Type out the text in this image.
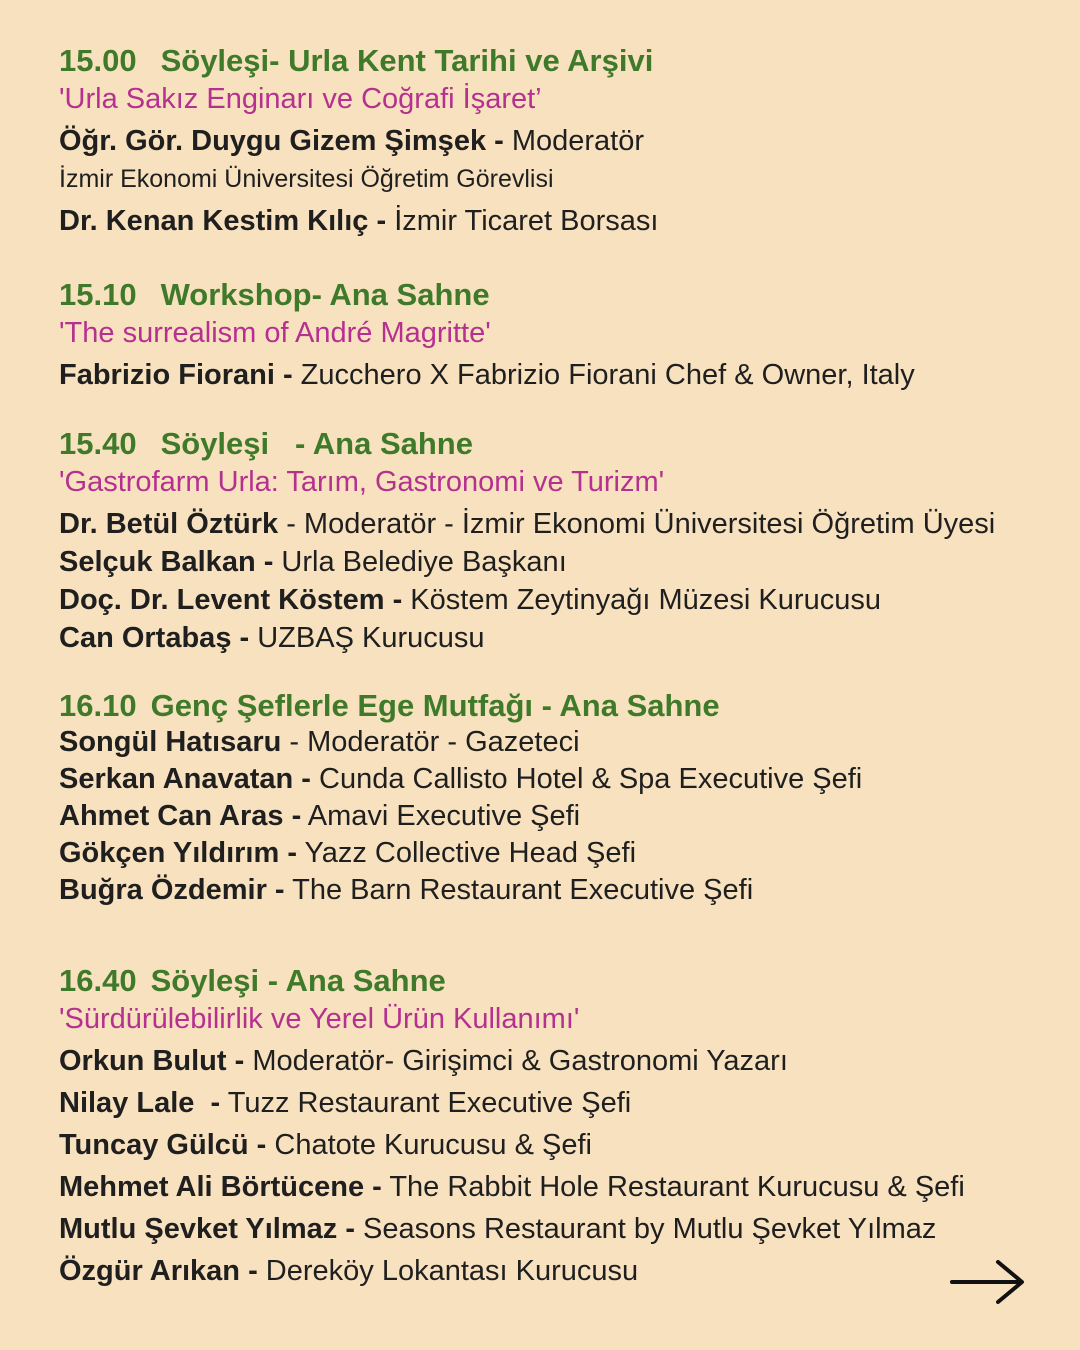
15.00 Söyleşi- Urla Kent Tarihi ve Arşivi
'Urla Sakız Enginarı ve Coğrafi İşaret’
Öğr. Gör. Duygu Gizem Şimşek - Moderatör
İzmir Ekonomi Üniversitesi Öğretim Görevlisi
Dr. Kenan Kestim Kılıç - İzmir Ticaret Borsası
15.10 Workshop- Ana Sahne
'The surrealism of André Magritte'
Fabrizio Fiorani - Zucchero X Fabrizio Fiorani Chef & Owner, Italy
15.40 Söyleşi   - Ana Sahne
'Gastrofarm Urla: Tarım, Gastronomi ve Turizm'
Dr. Betül Öztürk - Moderatör - İzmir Ekonomi Üniversitesi Öğretim Üyesi
Selçuk Balkan - Urla Belediye Başkanı
Doç. Dr. Levent Köstem - Köstem Zeytinyağı Müzesi Kurucusu
Can Ortabaş - UZBAŞ Kurucusu
16.10 Genç Şeflerle Ege Mutfağı - Ana Sahne
Songül Hatısaru - Moderatör - Gazeteci
Serkan Anavatan - Cunda Callisto Hotel & Spa Executive Şefi
Ahmet Can Aras - Amavi Executive Şefi
Gökçen Yıldırım - Yazz Collective Head Şefi
Buğra Özdemir - The Barn Restaurant Executive Şefi
16.40 Söyleşi - Ana Sahne
'Sürdürülebilirlik ve Yerel Ürün Kullanımı'
Orkun Bulut - Moderatör- Girişimci & Gastronomi Yazarı
Nilay Lale  - Tuzz Restaurant Executive Şefi
Tuncay Gülcü - Chatote Kurucusu & Şefi
Mehmet Ali Börtücene - The Rabbit Hole Restaurant Kurucusu & Şefi
Mutlu Şevket Yılmaz - Seasons Restaurant by Mutlu Şevket Yılmaz
Özgür Arıkan - Dereköy Lokantası Kurucusu
